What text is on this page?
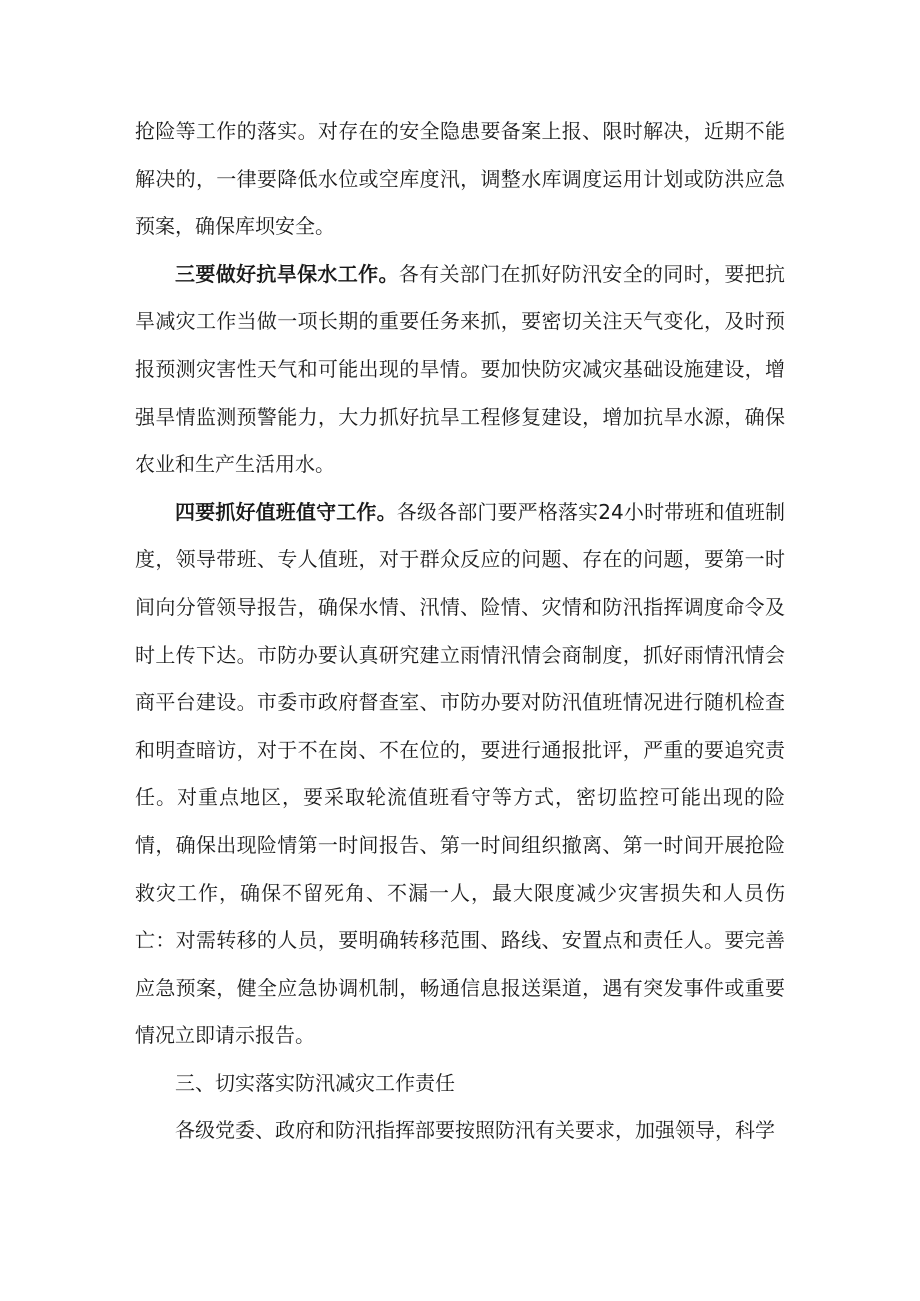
抢险等工作的落实。对存在的安全隐患要备案上报、限时解决，近期不能解决的，一律要降低水位或空库度汛，调整水库调度运用计划或防洪应急预案，确保库坝安全。

三要做好抗旱保水工作。各有关部门在抓好防汛安全的同时，要把抗旱减灾工作当做一项长期的重要任务来抓，要密切关注天气变化，及时预报预测灾害性天气和可能出现的旱情。要加快防灾减灾基础设施建设，增强旱情监测预警能力，大力抓好抗旱工程修复建设，增加抗旱水源，确保农业和生产生活用水。

四要抓好值班值守工作。各级各部门要严格落实24小时带班和值班制度，领导带班、专人值班，对于群众反应的问题、存在的问题，要第一时间向分管领导报告，确保水情、汛情、险情、灾情和防汛指挥调度命令及时上传下达。市防办要认真研究建立雨情汛情会商制度，抓好雨情汛情会商平台建设。市委市政府督查室、市防办要对防汛值班情况进行随机检查和明查暗访，对于不在岗、不在位的，要进行通报批评，严重的要追究责任。对重点地区，要采取轮流值班看守等方式，密切监控可能出现的险情，确保出现险情第一时间报告、第一时间组织撤离、第一时间开展抢险救灾工作，确保不留死角、不漏一人，最大限度减少灾害损失和人员伤亡：对需转移的人员，要明确转移范围、路线、安置点和责任人。要完善应急预案，健全应急协调机制，畅通信息报送渠道，遇有突发事件或重要情况立即请示报告。

三、切实落实防汛减灾工作责任

各级党委、政府和防汛指挥部要按照防汛有关要求，加强领导，科学
